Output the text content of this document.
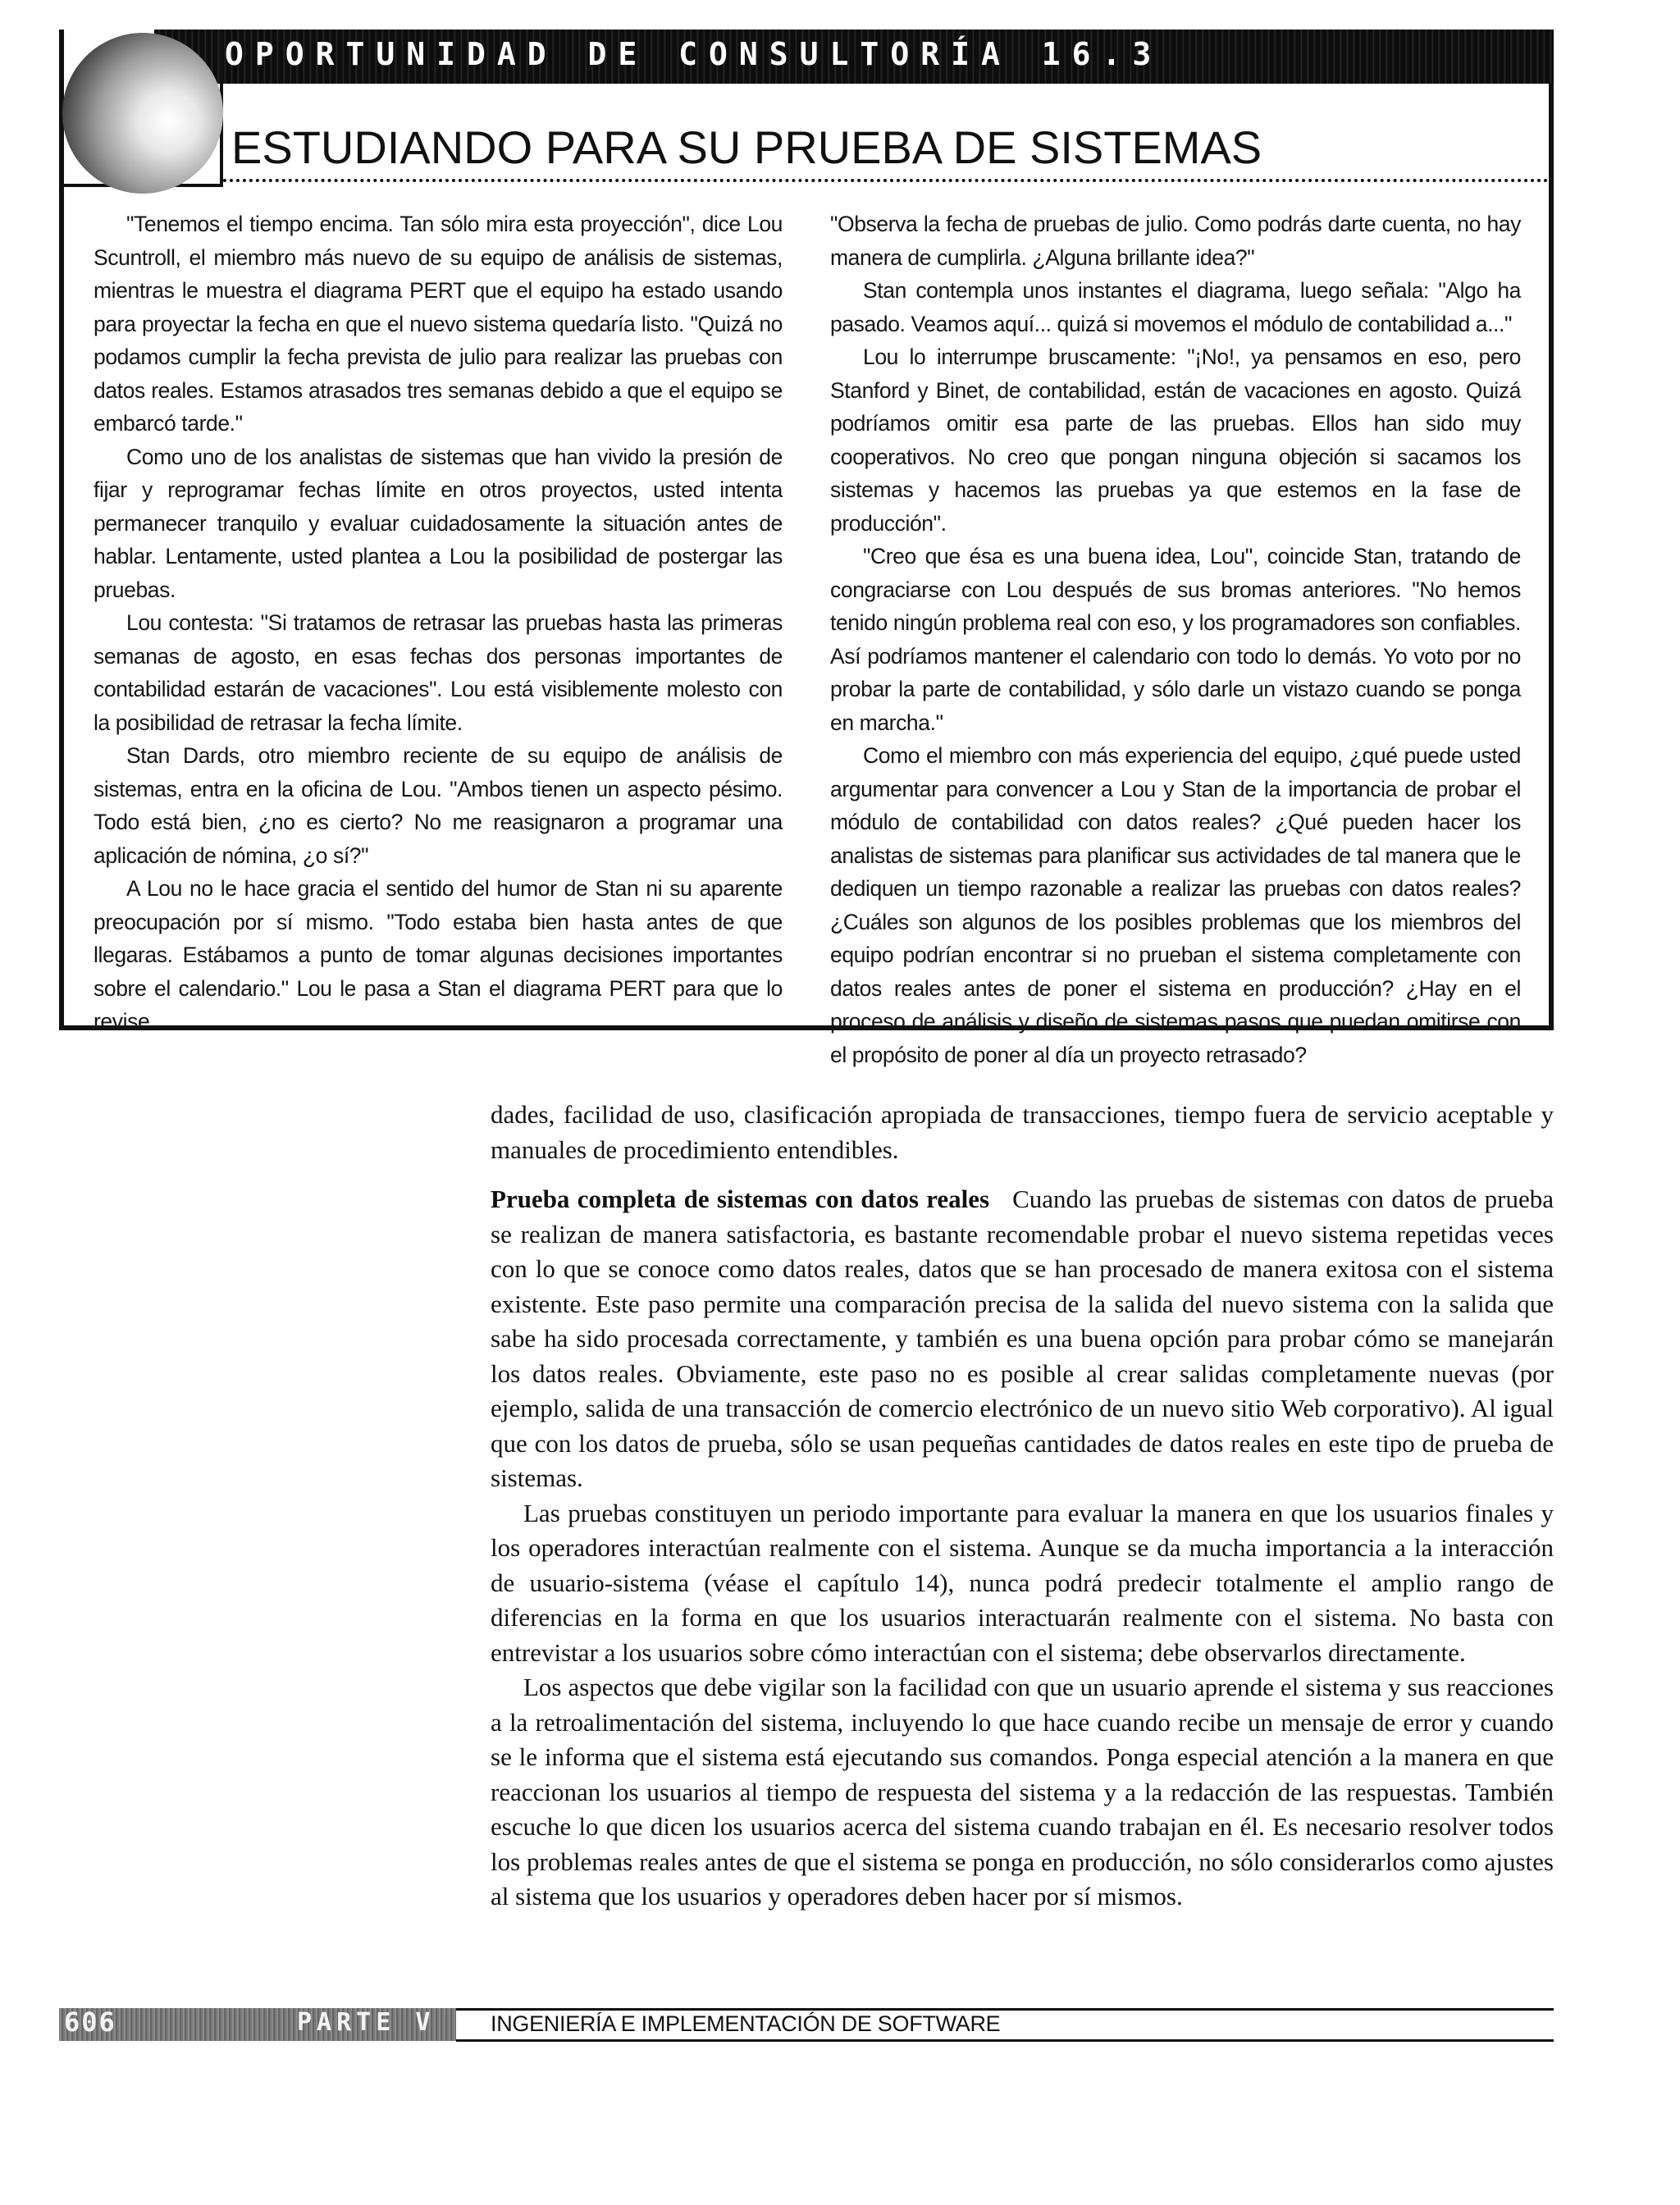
OPORTUNIDAD DE CONSULTORÍA 16.3
ESTUDIANDO PARA SU PRUEBA DE SISTEMAS

"Tenemos el tiempo encima. Tan sólo mira esta proyección", dice Lou Scuntroll, el miembro más nuevo de su equipo de análisis de sistemas, mientras le muestra el diagrama PERT que el equipo ha estado usando para proyectar la fecha en que el nuevo sistema quedaría listo. "Quizá no podamos cumplir la fecha prevista de julio para realizar las pruebas con datos reales. Estamos atrasados tres semanas debido a que el equipo se embarcó tarde."

Como uno de los analistas de sistemas que han vivido la presión de fijar y reprogramar fechas límite en otros proyectos, usted intenta permanecer tranquilo y evaluar cuidadosamente la situación antes de hablar. Lentamente, usted plantea a Lou la posibilidad de postergar las pruebas.

Lou contesta: "Si tratamos de retrasar las pruebas hasta las primeras semanas de agosto, en esas fechas dos personas importantes de contabilidad estarán de vacaciones". Lou está visiblemente molesto con la posibilidad de retrasar la fecha límite.

Stan Dards, otro miembro reciente de su equipo de análisis de sistemas, entra en la oficina de Lou. "Ambos tienen un aspecto pésimo. Todo está bien, ¿no es cierto? No me reasignaron a programar una aplicación de nómina, ¿o sí?"

A Lou no le hace gracia el sentido del humor de Stan ni su aparente preocupación por sí mismo. "Todo estaba bien hasta antes de que llegaras. Estábamos a punto de tomar algunas decisiones importantes sobre el calendario." Lou le pasa a Stan el diagrama PERT para que lo revise.

"Observa la fecha de pruebas de julio. Como podrás darte cuenta, no hay manera de cumplirla. ¿Alguna brillante idea?"

Stan contempla unos instantes el diagrama, luego señala: "Algo ha pasado. Veamos aquí... quizá si movemos el módulo de contabilidad a..."

Lou lo interrumpe bruscamente: "¡No!, ya pensamos en eso, pero Stanford y Binet, de contabilidad, están de vacaciones en agosto. Quizá podríamos omitir esa parte de las pruebas. Ellos han sido muy cooperativos. No creo que pongan ninguna objeción si sacamos los sistemas y hacemos las pruebas ya que estemos en la fase de producción".

"Creo que ésa es una buena idea, Lou", coincide Stan, tratando de congraciarse con Lou después de sus bromas anteriores. "No hemos tenido ningún problema real con eso, y los programadores son confiables. Así podríamos mantener el calendario con todo lo demás. Yo voto por no probar la parte de contabilidad, y sólo darle un vistazo cuando se ponga en marcha."

Como el miembro con más experiencia del equipo, ¿qué puede usted argumentar para convencer a Lou y Stan de la importancia de probar el módulo de contabilidad con datos reales? ¿Qué pueden hacer los analistas de sistemas para planificar sus actividades de tal manera que le dediquen un tiempo razonable a realizar las pruebas con datos reales? ¿Cuáles son algunos de los posibles problemas que los miembros del equipo podrían encontrar si no prueban el sistema completamente con datos reales antes de poner el sistema en producción? ¿Hay en el proceso de análisis y diseño de sistemas pasos que puedan omitirse con el propósito de poner al día un proyecto retrasado?

dades, facilidad de uso, clasificación apropiada de transacciones, tiempo fuera de servicio aceptable y manuales de procedimiento entendibles.

Prueba completa de sistemas con datos reales Cuando las pruebas de sistemas con datos de prueba se realizan de manera satisfactoria, es bastante recomendable probar el nuevo sistema repetidas veces con lo que se conoce como datos reales, datos que se han procesado de manera exitosa con el sistema existente. Este paso permite una comparación precisa de la salida del nuevo sistema con la salida que sabe ha sido procesada correctamente, y también es una buena opción para probar cómo se manejarán los datos reales. Obviamente, este paso no es posible al crear salidas completamente nuevas (por ejemplo, salida de una transacción de comercio electrónico de un nuevo sitio Web corporativo). Al igual que con los datos de prueba, sólo se usan pequeñas cantidades de datos reales en este tipo de prueba de sistemas.

Las pruebas constituyen un periodo importante para evaluar la manera en que los usuarios finales y los operadores interactúan realmente con el sistema. Aunque se da mucha importancia a la interacción de usuario-sistema (véase el capítulo 14), nunca podrá predecir totalmente el amplio rango de diferencias en la forma en que los usuarios interactuarán realmente con el sistema. No basta con entrevistar a los usuarios sobre cómo interactúan con el sistema; debe observarlos directamente.

Los aspectos que debe vigilar son la facilidad con que un usuario aprende el sistema y sus reacciones a la retroalimentación del sistema, incluyendo lo que hace cuando recibe un mensaje de error y cuando se le informa que el sistema está ejecutando sus comandos. Ponga especial atención a la manera en que reaccionan los usuarios al tiempo de respuesta del sistema y a la redacción de las respuestas. También escuche lo que dicen los usuarios acerca del sistema cuando trabajan en él. Es necesario resolver todos los problemas reales antes de que el sistema se ponga en producción, no sólo considerarlos como ajustes al sistema que los usuarios y operadores deben hacer por sí mismos.

606	PARTE V	INGENIERÍA E IMPLEMENTACIÓN DE SOFTWARE
